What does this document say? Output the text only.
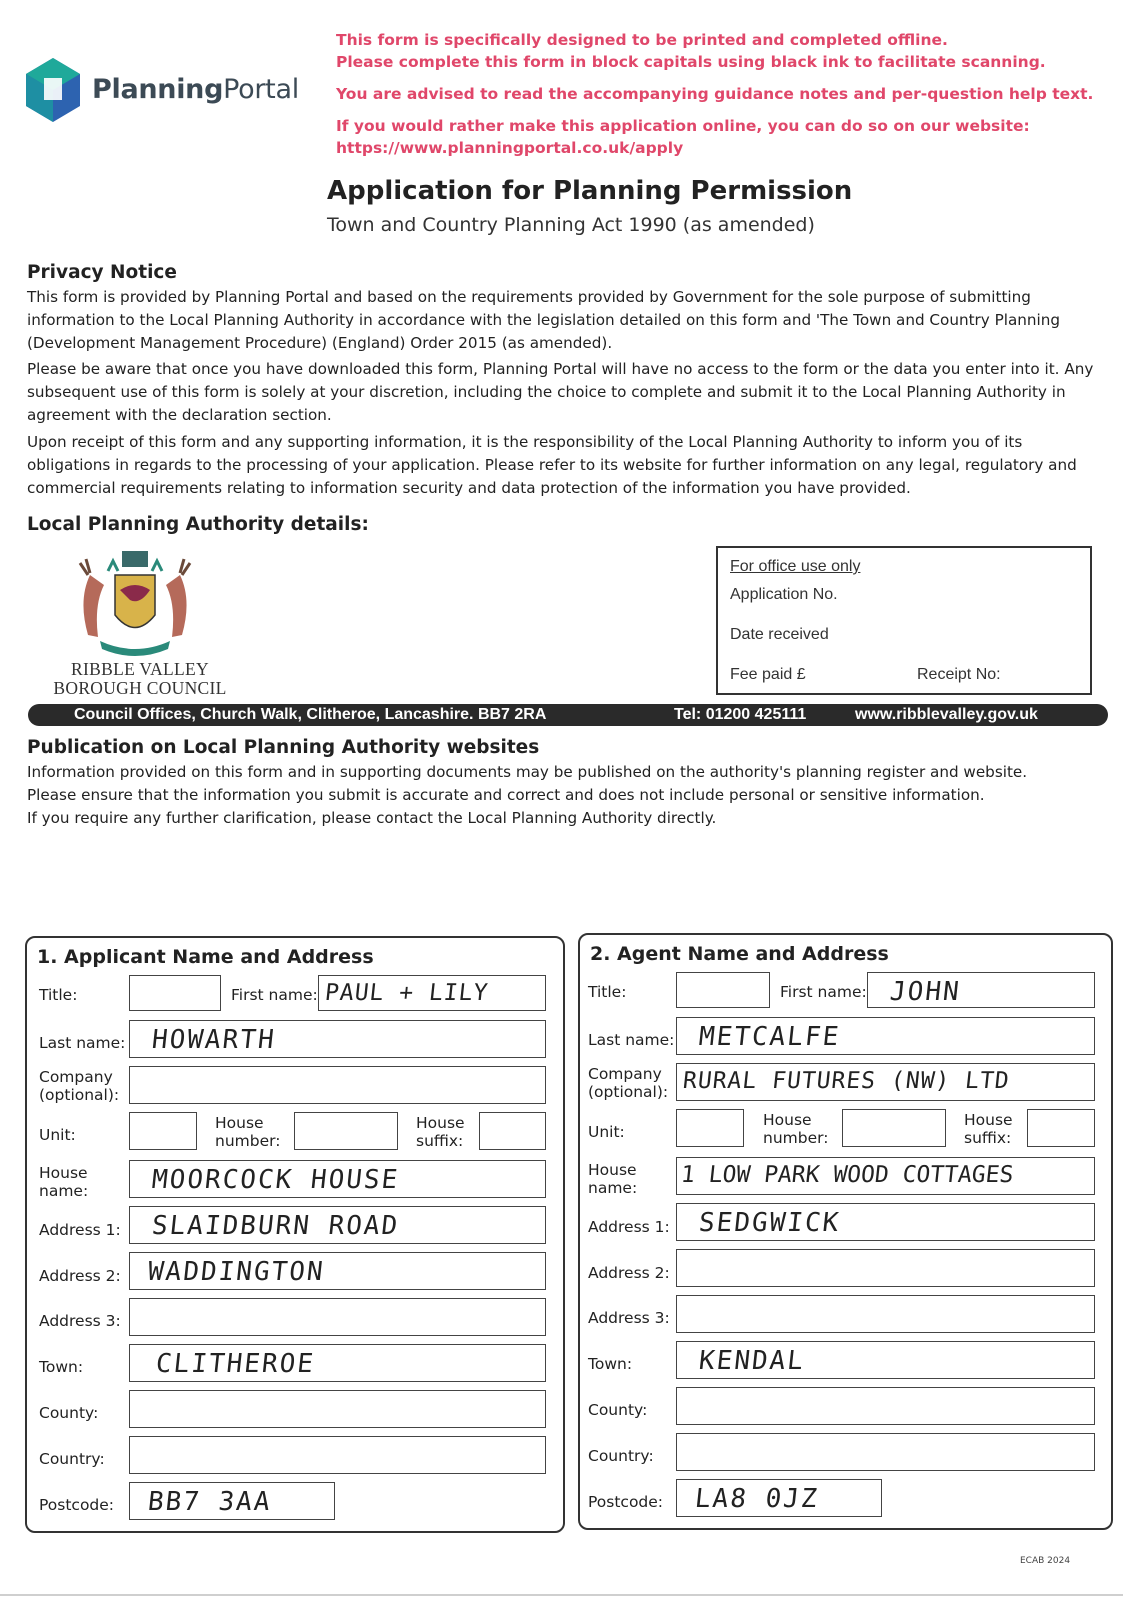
PlanningPortal
This form is specifically designed to be printed and completed offline.
Please complete this form in block capitals using black ink to facilitate scanning.
You are advised to read the accompanying guidance notes and per-question help text.
If you would rather make this application online, you can do so on our website:
https://www.planningportal.co.uk/apply
Application for Planning Permission
Town and Country Planning Act 1990 (as amended)
Privacy Notice
This form is provided by Planning Portal and based on the requirements provided by Government for the sole purpose of submitting information to the Local Planning Authority in accordance with the legislation detailed on this form and 'The Town and Country Planning (Development Management Procedure) (England) Order 2015 (as amended).
Please be aware that once you have downloaded this form, Planning Portal will have no access to the form or the data you enter into it. Any subsequent use of this form is solely at your discretion, including the choice to complete and submit it to the Local Planning Authority in agreement with the declaration section.
Upon receipt of this form and any supporting information, it is the responsibility of the Local Planning Authority to inform you of its obligations in regards to the processing of your application. Please refer to its website for further information on any legal, regulatory and commercial requirements relating to information security and data protection of the information you have provided.
Local Planning Authority details:
RIBBLE VALLEY
BOROUGH COUNCIL
For office use only
Application No.
Date received
Fee paid £	Receipt No:
Council Offices, Church Walk, Clitheroe, Lancashire. BB7 2RA	Tel: 01200 425111	www.ribblevalley.gov.uk
Publication on Local Planning Authority websites
Information provided on this form and in supporting documents may be published on the authority's planning register and website.
Please ensure that the information you submit is accurate and correct and does not include personal or sensitive information.
If you require any further clarification, please contact the Local Planning Authority directly.
1. Applicant Name and Address
Title:	First name: PAUL + LILY
Last name: HOWARTH
Company
(optional):
Unit:
House
number:
House
suffix:
House
name: MOORCOCK HOUSE
Address 1: SLAIDBURN ROAD
Address 2: WADDINGTON
Address 3:
Town:	CLITHEROE
County:
Country:
Postcode: BB7 3AA
2. Agent Name and Address
Title:	First name: JOHN
Last name: METCALFE
Company
(optional): RURAL FUTURES (NW) LTD
Unit:
House
number:
House
suffix:
House
name: 1 LOW PARK WOOD COTTAGES
Address 1: SEDGWICK
Address 2:
Address 3:
Town:	KENDAL
County:
Country:
Postcode: LA8 0JZ
ECAB 2024
